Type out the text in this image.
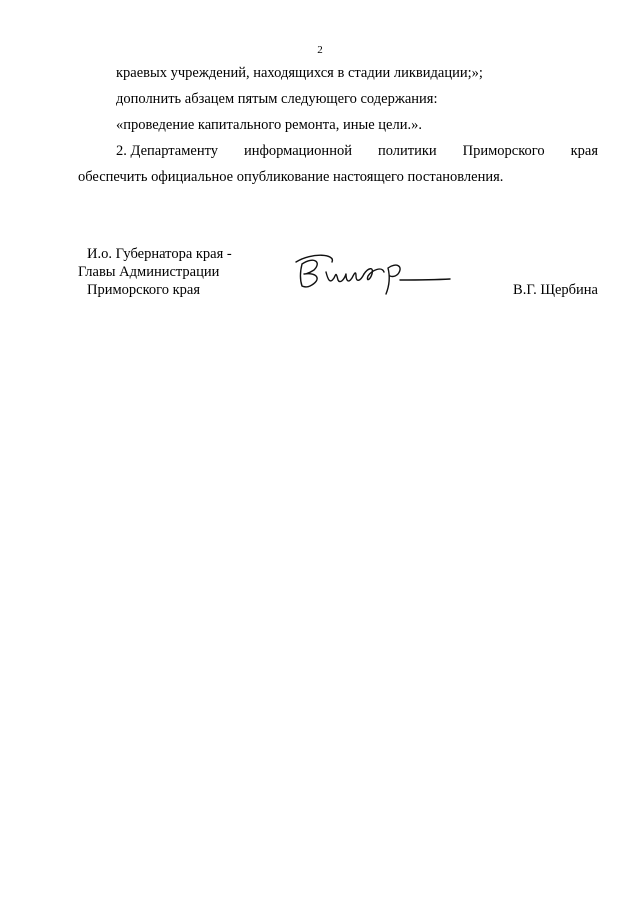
2
краевых учреждений, находящихся в стадии ликвидации;»;
дополнить абзацем пятым следующего содержания:
«проведение капитального ремонта, иные цели.».
2. Департаменту информационной политики Приморского края
обеспечить официальное опубликование настоящего постановления.
И.о. Губернатора края -
Главы Администрации
Приморского края	В.Г. Щербина
